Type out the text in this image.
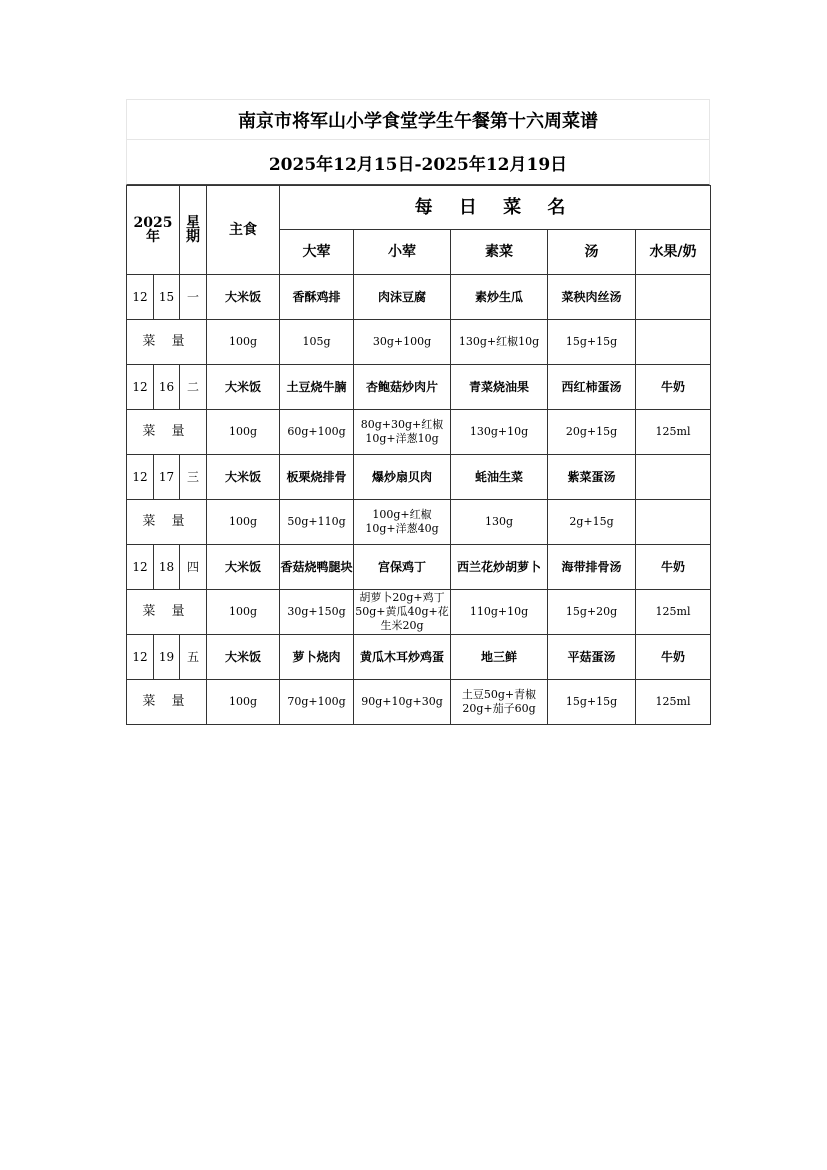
南京市将军山小学食堂学生午餐第十六周菜谱
2025年12月15日-2025年12月19日
2025年		星期	主食	每 日 菜 名				
				大荤	小荤	素菜	汤	水果/奶
12	15	一	大米饭	香酥鸡排	肉沫豆腐	素炒生瓜	菜秧肉丝汤	
菜 量			100g	105g	30g+100g	130g+红椒10g	15g+15g	
12	16	二	大米饭	土豆烧牛腩	杏鲍菇炒肉片	青菜烧油果	西红柿蛋汤	牛奶
菜 量			100g	60g+100g	80g+30g+红椒10g+洋葱10g	130g+10g	20g+15g	125ml
12	17	三	大米饭	板栗烧排骨	爆炒扇贝肉	蚝油生菜	紫菜蛋汤	
菜 量			100g	50g+110g	100g+红椒10g+洋葱40g	130g	2g+15g	
12	18	四	大米饭	香菇烧鸭腿块	宫保鸡丁	西兰花炒胡萝卜	海带排骨汤	牛奶
菜 量			100g	30g+150g	胡萝卜20g+鸡丁50g+黄瓜40g+花生米20g	110g+10g	15g+20g	125ml
12	19	五	大米饭	萝卜烧肉	黄瓜木耳炒鸡蛋	地三鲜	平菇蛋汤	牛奶
菜 量			100g	70g+100g	90g+10g+30g	土豆50g+青椒20g+茄子60g	15g+15g	125ml
